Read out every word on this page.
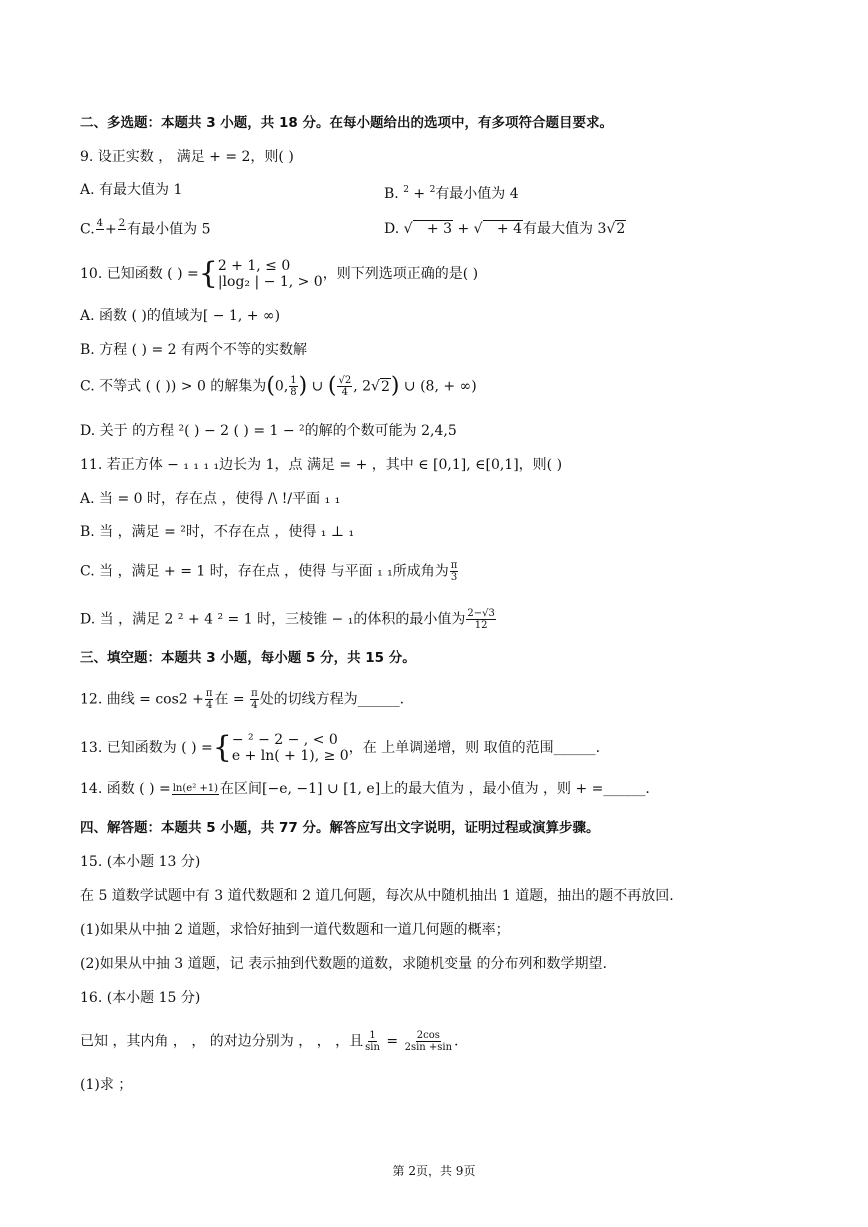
二、多选题：本题共 3 小题，共 18 分。在每小题给出的选项中，有多项符合题目要求。
9. 设正实数 ， 满足 + = 2，则( )
A. 有最大值为 1	B. $^2$ + $^2$有最小值为 4
C. 4
+ 2
有最小值为 5	D. √   + 3 + √   + 4有最大值为 3√2
10. 已知函数 ( ) ={ 2 + 1, ≤ 0
|log₂ | − 1, > 0 ，则下列选项正确的是( )
A. 函数 ( )的值域为[ − 1, + ∞)
B. 方程 ( ) = 2 有两个不等的实数解
C. 不等式 ( ( )) > 0 的解集为(0, $\frac{1}{8}$ ) ∪ ( $\frac{√2}{4}$ , 2√2) ∪ (8, + ∞)
D. 关于 的方程 ²( ) − 2 ( ) = 1 − ²的解的个数可能为 2,4,5
11. 若正方体 − ₁ ₁ ₁ ₁边长为 1，点 满足 = + ，其中 ∈ [0,1], ∈[0,1]，则( )
A. 当 = 0 时，存在点 ，使得 /\ !/平面 ₁ ₁
B. 当 ，满足 = ²时，不存在点 ，使得 ₁ ⊥ ₁
C. 当 ，满足 + = 1 时，存在点 ，使得 与平面 ₁ ₁所成角为 $\frac{\pi}{3}$
D. 当 ，满足 2 ² + 4 ² = 1 时，三棱锥 − ₁的体积的最小值为 $\frac{2-√3}{12}$
三、填空题：本题共 3 小题，每小题 5 分，共 15 分。
12. 曲线 = $\cos 2 + \frac{\pi}{4}$ 在 = $\frac{\pi}{4}$ 处的切线方程为______.
13. 已知函数为 ( ) ={ − ² − 2 − , < 0
e + ln( + 1), ≥ 0 ，在 上单调递增，则 取值的范围______.
14. 函数 ( ) = ln(e² +1) 在区间[−e, −1] ∪ [1, e]上的最大值为 ，最小值为 ，则 + =______.
四、解答题：本题共 5 小题，共 77 分。解答应写出文字说明，证明过程或演算步骤。
15. (本小题 13 分)
在 5 道数学试题中有 3 道代数题和 2 道几何题，每次从中随机抽出 1 道题，抽出的题不再放回.
(1)如果从中抽 2 道题，求恰好抽到一道代数题和一道几何题的概率；
(2)如果从中抽 3 道题，记 表示抽到代数题的道数，求随机变量 的分布列和数学期望.
16. (本小题 15 分)
已知 ，其内角 ， ， 的对边分别为 ， ， ，且 $\frac{1}{\sin} = \frac{2\cos}{2\sin +\sin}$ .
(1)求 ；
第 2页，共 9页
